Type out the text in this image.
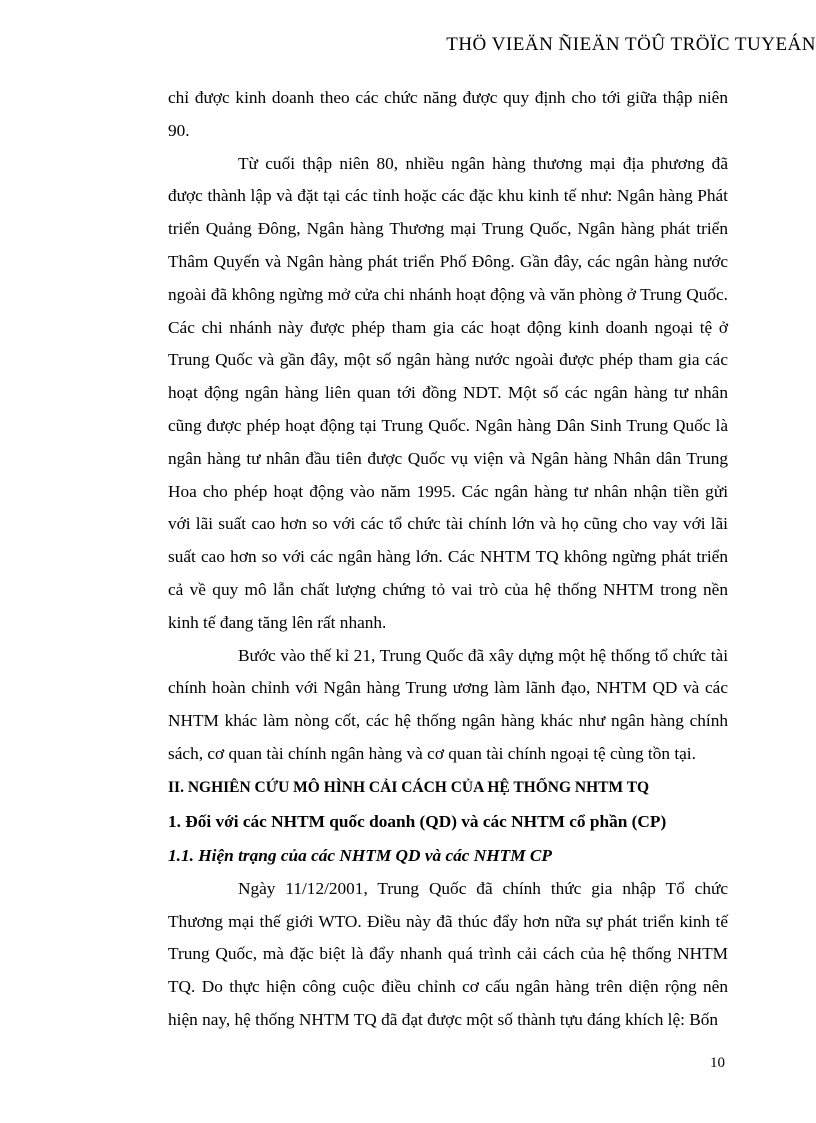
THÖ VIEÄN ÑIEÄN TÖÛ TRÖÏC TUYEÁN

chỉ được kinh doanh theo các chức năng được quy định cho tới giữa thập niên 90.

Từ cuối thập niên 80, nhiều ngân hàng thương mại địa phương đã được thành lập và đặt tại các tỉnh hoặc các đặc khu kinh tế như: Ngân hàng Phát triển Quảng Đông, Ngân hàng Thương mại Trung Quốc, Ngân hàng phát triển Thâm Quyến và Ngân hàng phát triển Phố Đông. Gần đây, các ngân hàng nước ngoài đã không ngừng mở cửa chi nhánh hoạt động và văn phòng ở Trung Quốc. Các chi nhánh này được phép tham gia các hoạt động kinh doanh ngoại tệ ở Trung Quốc và gần đây, một số ngân hàng nước ngoài được phép tham gia các hoạt động ngân hàng liên quan tới đồng NDT. Một số các ngân hàng tư nhân cũng được phép hoạt động tại Trung Quốc. Ngân hàng Dân Sinh Trung Quốc là ngân hàng tư nhân đầu tiên được Quốc vụ viện và Ngân hàng Nhân dân Trung Hoa cho phép hoạt động vào năm 1995. Các ngân hàng tư nhân nhận tiền gửi với lãi suất cao hơn so với các tổ chức tài chính lớn và họ cũng cho vay với lãi suất cao hơn so với các ngân hàng lớn. Các NHTM TQ không ngừng phát triển cả về quy mô lẫn chất lượng chứng tỏ vai trò của hệ thống NHTM trong nền kinh tế đang tăng lên rất nhanh.

Bước vào thế kỉ 21, Trung Quốc đã xây dựng một hệ thống tổ chức tài chính hoàn chỉnh với Ngân hàng Trung ương làm lãnh đạo, NHTM QD và các NHTM khác làm nòng cốt, các hệ thống ngân hàng khác như ngân hàng chính sách, cơ quan tài chính ngân hàng và cơ quan tài chính ngoại tệ cùng tồn tại.

II. NGHIÊN CỨU MÔ HÌNH CẢI CÁCH CỦA HỆ THỐNG NHTM TQ

1. Đối với các NHTM quốc doanh (QD) và các NHTM cổ phần (CP)

1.1. Hiện trạng của các NHTM QD và các NHTM CP

Ngày 11/12/2001, Trung Quốc đã chính thức gia nhập Tổ chức Thương mại thế giới WTO. Điều này đã thúc đẩy hơn nữa sự phát triển kinh tế Trung Quốc, mà đặc biệt là đẩy nhanh quá trình cải cách của hệ thống NHTM TQ. Do thực hiện công cuộc điều chỉnh cơ cấu ngân hàng trên diện rộng nên hiện nay, hệ thống NHTM TQ đã đạt được một số thành tựu đáng khích lệ: Bốn

10
